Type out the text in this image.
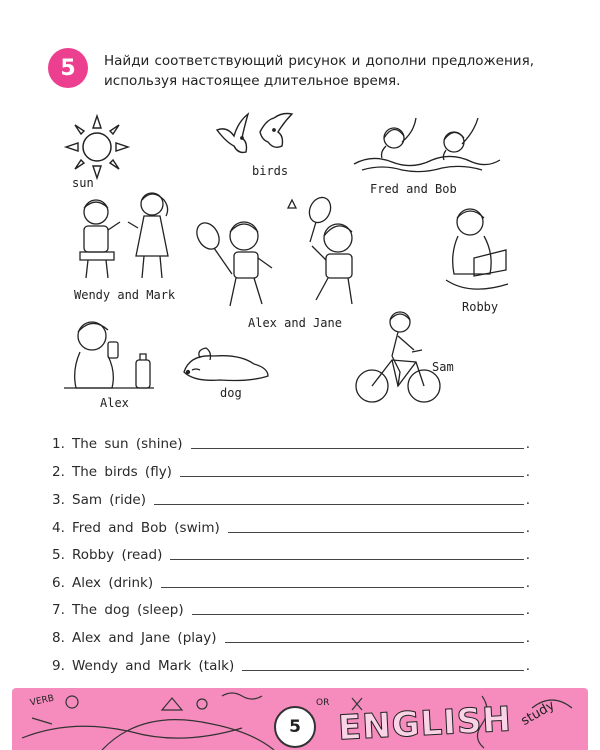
5	Найди соответствующий рисунок и дополни предложения, используя настоящее длительное время.
sun
birds
Fred and Bob
Wendy and Mark
Alex and Jane
Robby
Alex
dog
Sam
1. The sun (shine)	.
2. The birds (fly)	.
3. Sam (ride)	.
4. Fred and Bob (swim)	.
5. Robby (read)	.
6. Alex (drink)	.
7. The dog (sleep)	.
8. Alex and Jane (play)	.
9. Wendy and Mark (talk)	.
VERB	OR ENGLISH study
5
